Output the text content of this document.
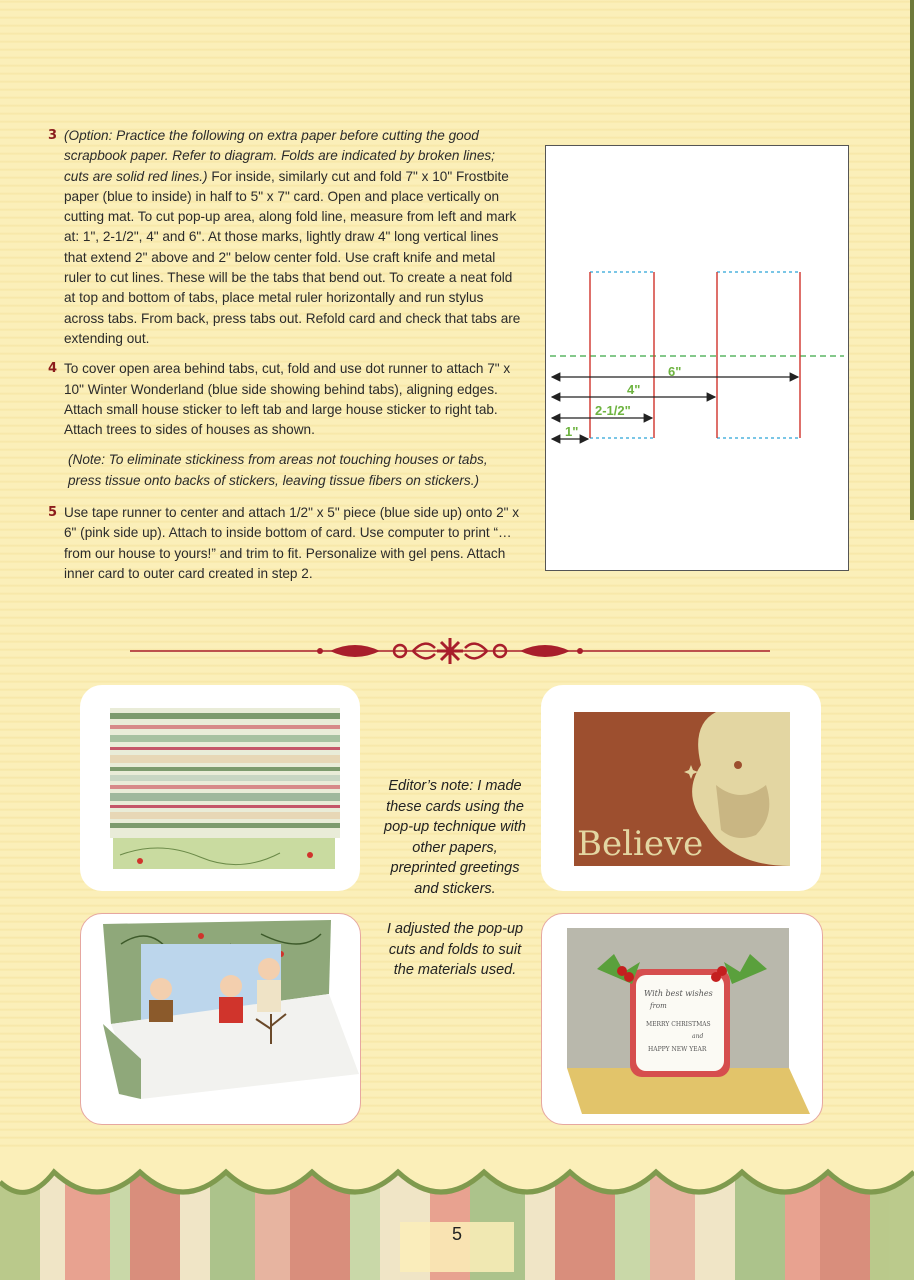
3 (Option: Practice the following on extra paper before cutting the good scrapbook paper. Refer to diagram. Folds are indicated by broken lines; cuts are solid red lines.) For inside, similarly cut and fold 7" x 10" Frostbite paper (blue to inside) in half to 5" x 7" card. Open and place vertically on cutting mat. To cut pop-up area, along fold line, measure from left and mark at: 1", 2-1/2", 4" and 6". At those marks, lightly draw 4" long vertical lines that extend 2" above and 2" below center fold. Use craft knife and metal ruler to cut lines. These will be the tabs that bend out. To create a neat fold at top and bottom of tabs, place metal ruler horizontally and run stylus across tabs. From back, press tabs out. Refold card and check that tabs are extending out.
4 To cover open area behind tabs, cut, fold and use dot runner to attach 7" x 10" Winter Wonderland (blue side showing behind tabs), aligning edges. Attach small house sticker to left tab and large house sticker to right tab. Attach trees to sides of houses as shown.
(Note: To eliminate stickiness from areas not touching houses or tabs, press tissue onto backs of stickers, leaving tissue fibers on stickers.)
5 Use tape runner to center and attach 1/2" x 5" piece (blue side up) onto 2" x 6" (pink side up). Attach to inside bottom of card. Use computer to print “… from our house to yours!” and trim to fit. Personalize with gel pens. Attach inner card to outer card created in step 2.
6"
4"
2-1/2"
1"
Believe
With best wishes
from
MERRY CHRISTMAS
and
HAPPY NEW YEAR

Editor’s note: I made these cards using the pop-up technique with other papers, preprinted greetings and stickers.

I adjusted the pop-up cuts and folds to suit the materials used.

5
